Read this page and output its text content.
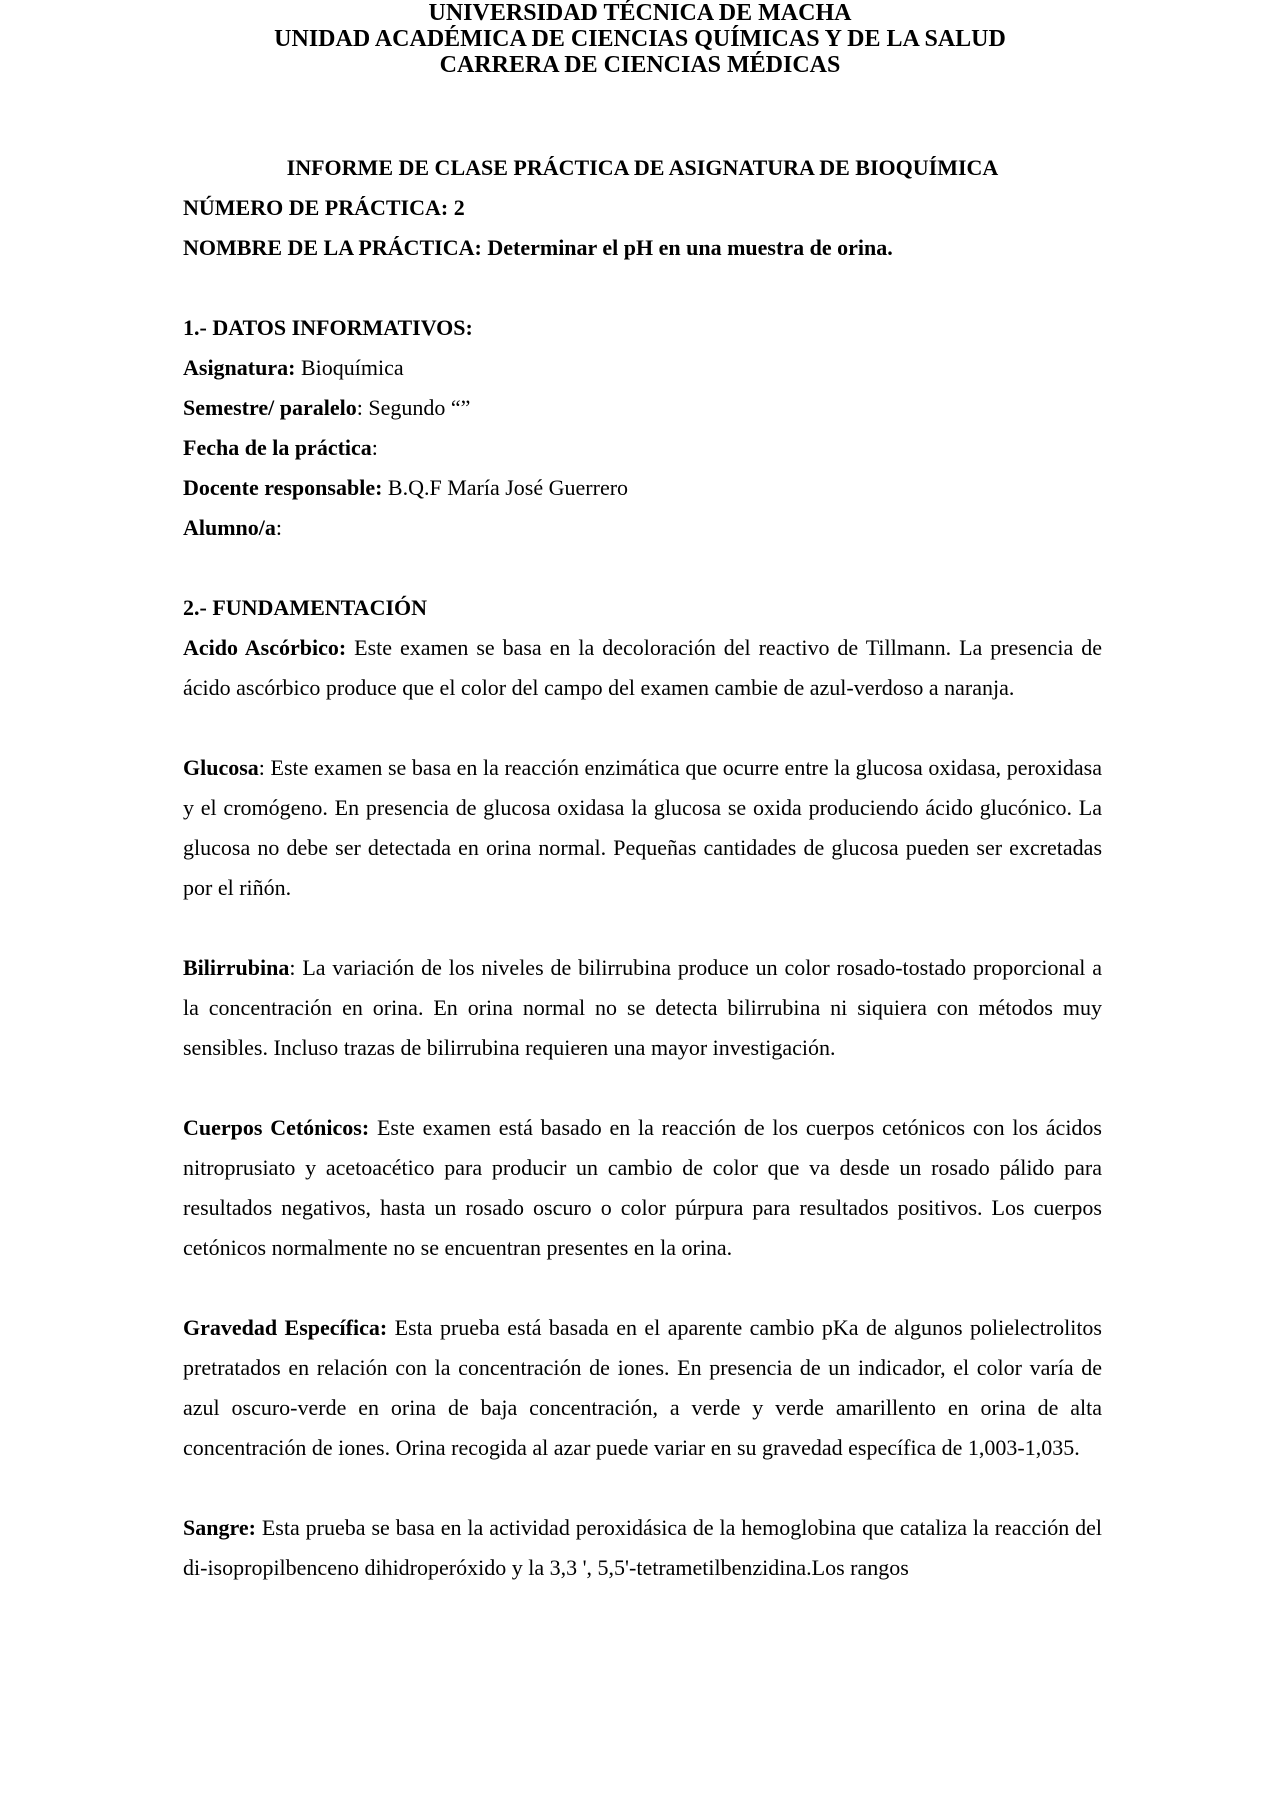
UNIVERSIDAD TÉCNICA DE MACHA
UNIDAD ACADÉMICA DE CIENCIAS QUÍMICAS Y DE LA SALUD
CARRERA DE CIENCIAS MÉDICAS

INFORME DE CLASE PRÁCTICA DE ASIGNATURA DE BIOQUÍMICA

NÚMERO DE PRÁCTICA: 2

NOMBRE DE LA PRÁCTICA: Determinar el pH en una muestra de orina.

1.- DATOS INFORMATIVOS:

Asignatura: Bioquímica

Semestre/ paralelo: Segundo “”

Fecha de la práctica:

Docente responsable: B.Q.F María José Guerrero

Alumno/a:

2.- FUNDAMENTACIÓN

Acido Ascórbico: Este examen se basa en la decoloración del reactivo de Tillmann. La presencia de ácido ascórbico produce que el color del campo del examen cambie de azul-verdoso a naranja.

Glucosa: Este examen se basa en la reacción enzimática que ocurre entre la glucosa oxidasa, peroxidasa y el cromógeno. En presencia de glucosa oxidasa la glucosa se oxida produciendo ácido glucónico. La glucosa no debe ser detectada en orina normal. Pequeñas cantidades de glucosa pueden ser excretadas por el riñón.

Bilirrubina: La variación de los niveles de bilirrubina produce un color rosado-tostado proporcional a la concentración en orina. En orina normal no se detecta bilirrubina ni siquiera con métodos muy sensibles. Incluso trazas de bilirrubina requieren una mayor investigación.

Cuerpos Cetónicos: Este examen está basado en la reacción de los cuerpos cetónicos con los ácidos nitroprusiato y acetoacético para producir un cambio de color que va desde un rosado pálido para resultados negativos, hasta un rosado oscuro o color púrpura para resultados positivos. Los cuerpos cetónicos normalmente no se encuentran presentes en la orina.

Gravedad Específica: Esta prueba está basada en el aparente cambio pKa de algunos polielectrolitos pretratados en relación con la concentración de iones. En presencia de un indicador, el color varía de azul oscuro-verde en orina de baja concentración, a verde y verde amarillento en orina de alta concentración de iones. Orina recogida al azar puede variar en su gravedad específica de 1,003-1,035.

Sangre: Esta prueba se basa en la actividad peroxidásica de la hemoglobina que cataliza la reacción del di-isopropilbenceno dihidroperóxido y la 3,3 ', 5,5'-tetrametilbenzidina.Los rangos
